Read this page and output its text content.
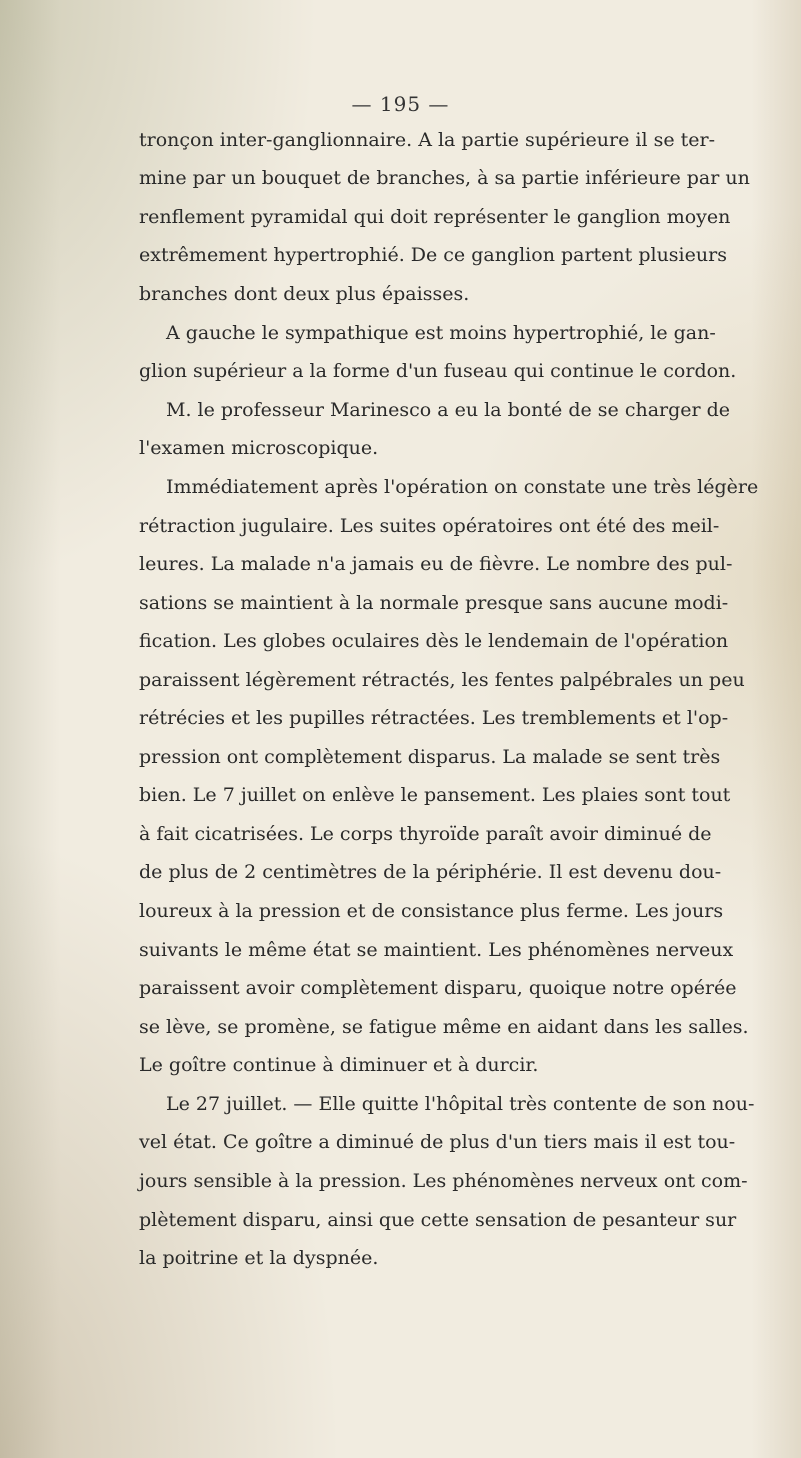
— 195 —
tronçon inter-ganglionnaire. A la partie supérieure il se ter-
mine par un bouquet de branches, à sa partie inférieure par un
renflement pyramidal qui doit représenter le ganglion moyen
extrêmement hypertrophié. De ce ganglion partent plusieurs
branches dont deux plus épaisses.
A gauche le sympathique est moins hypertrophié, le gan-
glion supérieur a la forme d'un fuseau qui continue le cordon.
M. le professeur Marinesco a eu la bonté de se charger de
l'examen microscopique.
Immédiatement après l'opération on constate une très légère
rétraction jugulaire. Les suites opératoires ont été des meil-
leures. La malade n'a jamais eu de fièvre. Le nombre des pul-
sations se maintient à la normale presque sans aucune modi-
fication. Les globes oculaires dès le lendemain de l'opération
paraissent légèrement rétractés, les fentes palpébrales un peu
rétrécies et les pupilles rétractées. Les tremblements et l'op-
pression ont complètement disparus. La malade se sent très
bien. Le 7 juillet on enlève le pansement. Les plaies sont tout
à fait cicatrisées. Le corps thyroïde paraît avoir diminué de
de plus de 2 centimètres de la périphérie. Il est devenu dou-
loureux à la pression et de consistance plus ferme. Les jours
suivants le même état se maintient. Les phénomènes nerveux
paraissent avoir complètement disparu, quoique notre opérée
se lève, se promène, se fatigue même en aidant dans les salles.
Le goître continue à diminuer et à durcir.
Le 27 juillet. — Elle quitte l'hôpital très contente de son nou-
vel état. Ce goître a diminué de plus d'un tiers mais il est tou-
jours sensible à la pression. Les phénomènes nerveux ont com-
plètement disparu, ainsi que cette sensation de pesanteur sur
la poitrine et la dyspnée.
